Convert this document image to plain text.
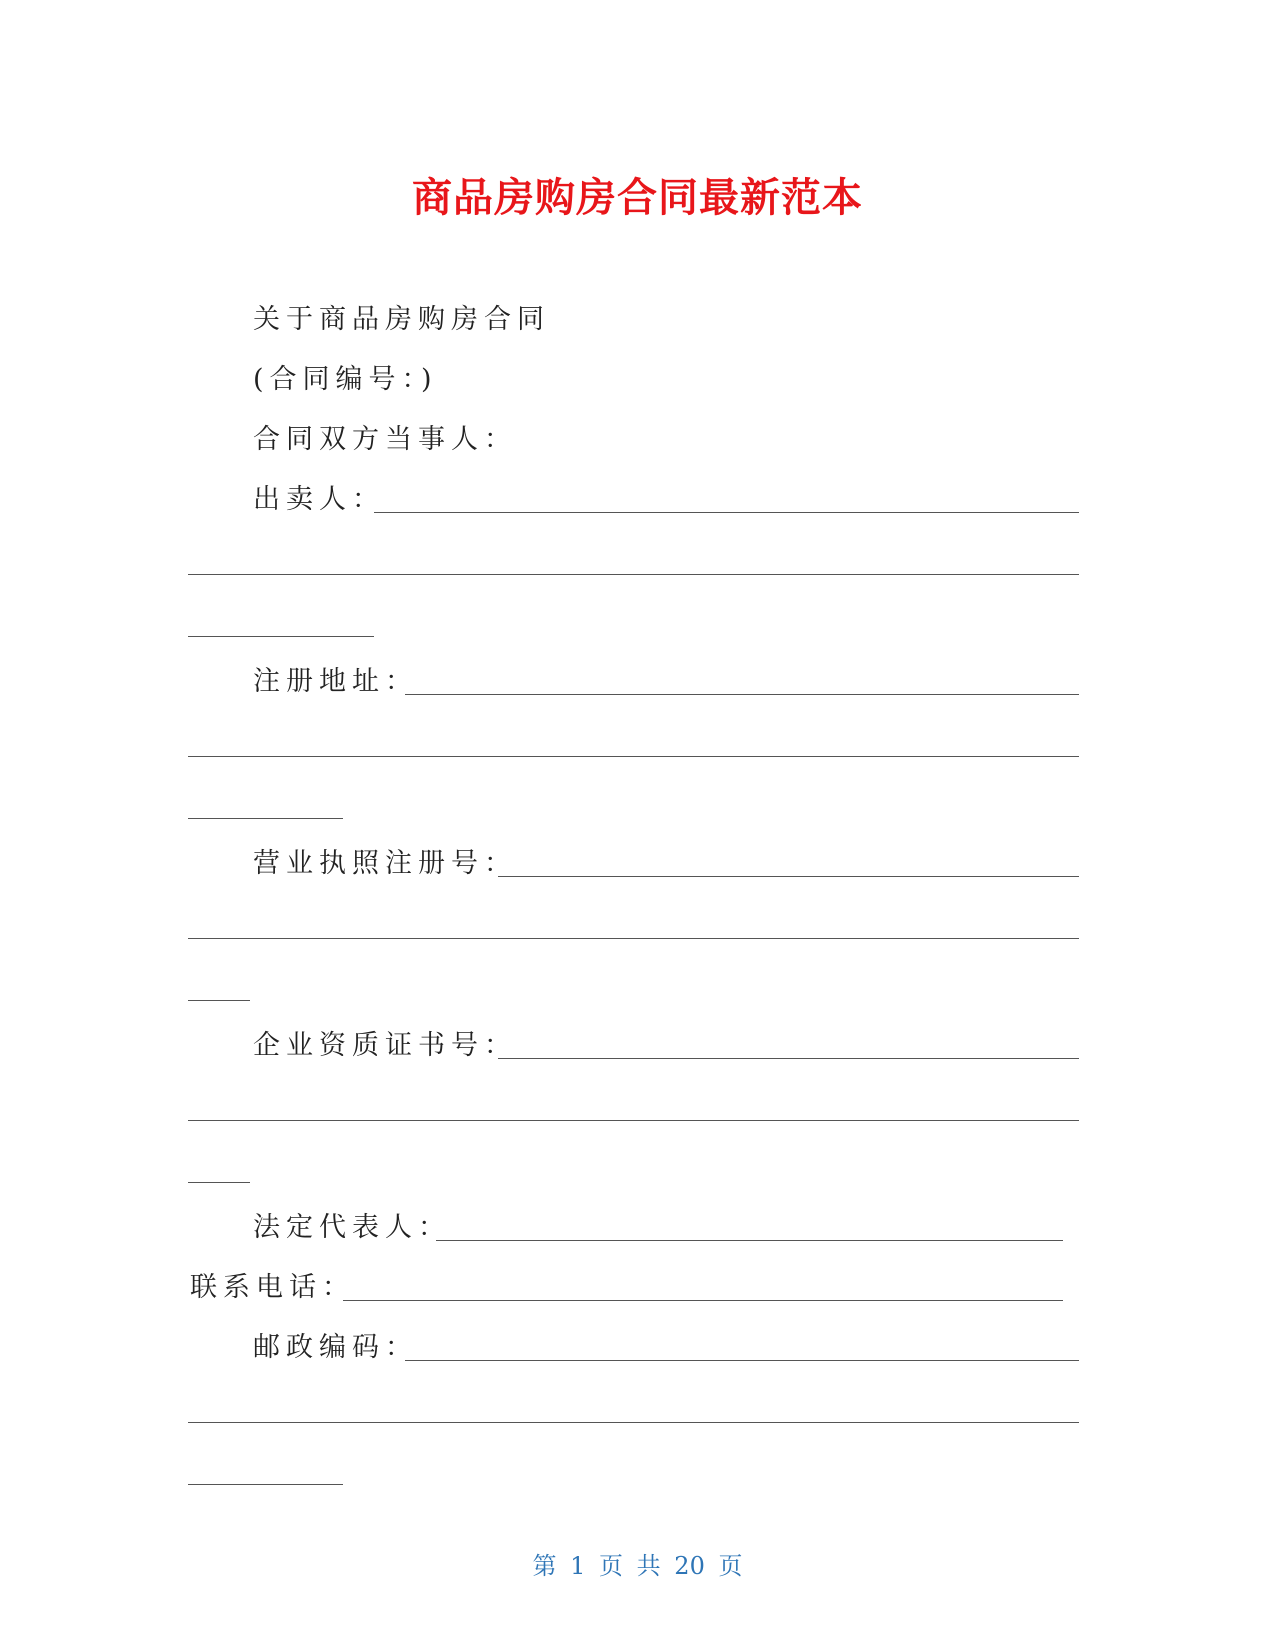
商品房购房合同最新范本
关于商品房购房合同
(合同编号：)
合同双方当事人：
出卖人：
注册地址：
营业执照注册号：
企业资质证书号：
法定代表人：
联系电话：
邮政编码：
第 1 页 共 20 页
